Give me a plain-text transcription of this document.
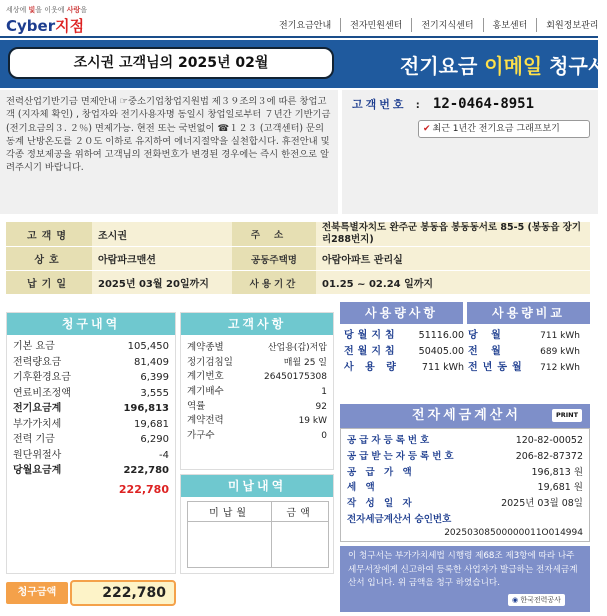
세상에 빛을 이웃에 사랑을
Cyber지점	전기요금안내	전자민원센터	전기지식센터	홍보센터	회원정보관리
조시권 고객님의 2025년 02월	전기요금 이메일 청구서
전력산업기반기금 면제안내 ☞중소기업창업지원법 제３９조의３에 따른 창업고객 (지자체 확인) , 창업자와 전기사용자명 동일시 창업일로부터 ７년간 기반기금 (전기요금의３. ２％) 면제가능. 현전 또는 국번없이 ☎１２３ (고객센터) 문의 동계 난방온도를 ２０도 이하로 유지하여 에너지절약을 실천합시다. 휴전안내 및 각종 정보제공을 위하여 고객님의 전화번호가 변경된 경우에는 즉시 한전으로 알려주시기 바랍니다.
고객번호 : 12-0464-8951
✔ 최근 1년간 전기요금 그래프보기
고객명	조시권	주소	전북특별자치도 완주군 봉동읍 봉동동서로 85-5 (봉동읍 장기리288번지)
상호	아람파크맨션	공동주택명	아람아파트 관리실
납기일	2025년 03월 20일까지	사용기간	01.25 ~ 02.24 일까지
청구내역
기본 요금	105,450
전력량요금	81,409
기후환경요금	6,399
연료비조정액	3,555
전기요금계	196,813
부가가치세	19,681
전력 기금	6,290
원단위절사	-4
당월요금계	222,780
222,780
고객사항
계약종별	산업용(갑)저압
정기검침일	매월 25 일
계기번호	26450175308
계기배수	1
역률	92
계약전력	19 kW
가구수	0
미납내역
미납월	금액

사용량사항	사용량비교
당월지침	51116.00 당 월	711 kWh
전월지침	50405.00 전 월	689 kWh
사 용 량	711 kWh 전년동월	712 kWh
전자세금계산서	PRINT
공급자등록번호	120-82-00052
공급받는자등록번호	206-82-87372
공 급 가 액	196,813 원
세 액	19,681 원
작 성 일 자	2025년 03월 08일
전자세금계산서 승인번호
20250308500000011O014994
이 청구서는 부가가치세법 시행령 제68조 제3항에 따라 나주세무서장에게 신고하여 등록한 사업자가 발급하는 전자세금계산서 입니다. 위 금액을 청구 하였습니다.
◉ 한국전력공사
청구금액	222,780
